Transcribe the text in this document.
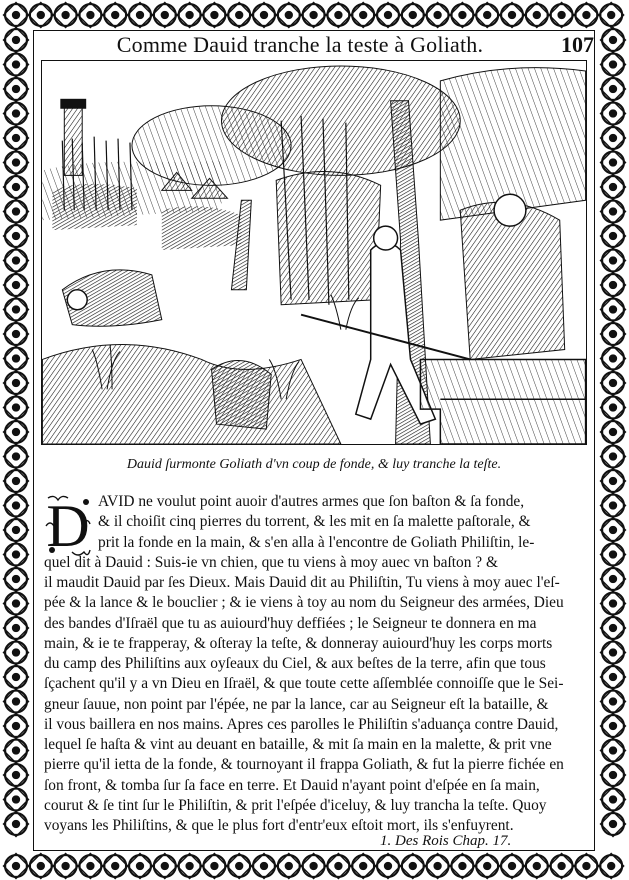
Comme Dauid tranche la teste à Goliath.	107
Dauid ſurmonte Goliath d'vn coup de fonde, & luy tranche la teſte.
D AVID ne voulut point auoir d'autres armes que ſon baſton & ſa fonde,
& il choiſit cinq pierres du torrent, & les mit en ſa malette paſtorale, &
prit la fonde en la main, & s'en alla à l'encontre de Goliath Philiſtin, le-
quel dit à Dauid : Suis-ie vn chien, que tu viens à moy auec vn baſton ? &
il maudit Dauid par ſes Dieux. Mais Dauid dit au Philiſtin, Tu viens à moy auec l'eſ-
pée & la lance & le bouclier ; & ie viens à toy au nom du Seigneur des armées, Dieu
des bandes d'Iſraël que tu as auiourd'huy deffiées ; le Seigneur te donnera en ma
main, & ie te frapperay, & oſteray la teſte, & donneray auiourd'huy les corps morts
du camp des Philiſtins aux oyſeaux du Ciel, & aux beſtes de la terre, afin que tous
ſçachent qu'il y a vn Dieu en Iſraël, & que toute cette aſſemblée connoiſſe que le Sei-
gneur ſauue, non point par l'épée, ne par la lance, car au Seigneur eſt la bataille, &
il vous baillera en nos mains. Apres ces parolles le Philiſtin s'aduança contre Dauid,
lequel ſe haſta & vint au deuant en bataille, & mit ſa main en la malette, & prit vne
pierre qu'il ietta de la fonde, & tournoyant il frappa Goliath, & fut la pierre fichée en
ſon front, & tomba ſur ſa face en terre. Et Dauid n'ayant point d'eſpée en ſa main,
courut & ſe tint ſur le Philiſtin, & prit l'eſpée d'iceluy, & luy trancha la teſte. Quoy
voyans les Philiſtins, & que le plus fort d'entr'eux eſtoit mort, ils s'enfuyrent.
1. Des Rois Chap. 17.
